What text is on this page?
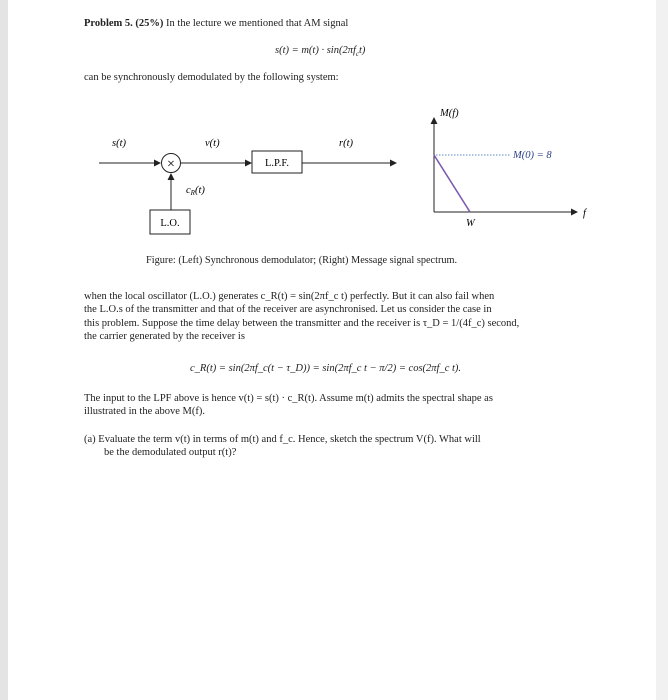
Problem 5. (25%) In the lecture we mentioned that AM signal
$s(t) = m(t) \cdot \sin(2\pi f_ct)$
can be synchronously demodulated by the following system:
×	L.P.F.
L.O.
s(t)	v(t)
cR(t)
r(t)
M(f)
M(0) = 8
W
f
Figure: (Left) Synchronous demodulator; (Right) Message signal spectrum.
when the local oscillator (L.O.) generates c_R(t) = sin(2πf_c t) perfectly. But it can also fail when
the L.O.s of the transmitter and that of the receiver are asynchronised. Let us consider the case in
this problem. Suppose the time delay between the transmitter and the receiver is τ_D = 1/(4f_c) second,
the carrier generated by the receiver is
c_R(t) = sin(2πf_c(t − τ_D)) = sin(2πf_c t − π/2) = cos(2πf_c t).
The input to the LPF above is hence v(t) = s(t) · c_R(t). Assume m(t) admits the spectral shape as
illustrated in the above M(f).
(a) Evaluate the term v(t) in terms of m(t) and f_c. Hence, sketch the spectrum V(f). What will
be the demodulated output r(t)?
